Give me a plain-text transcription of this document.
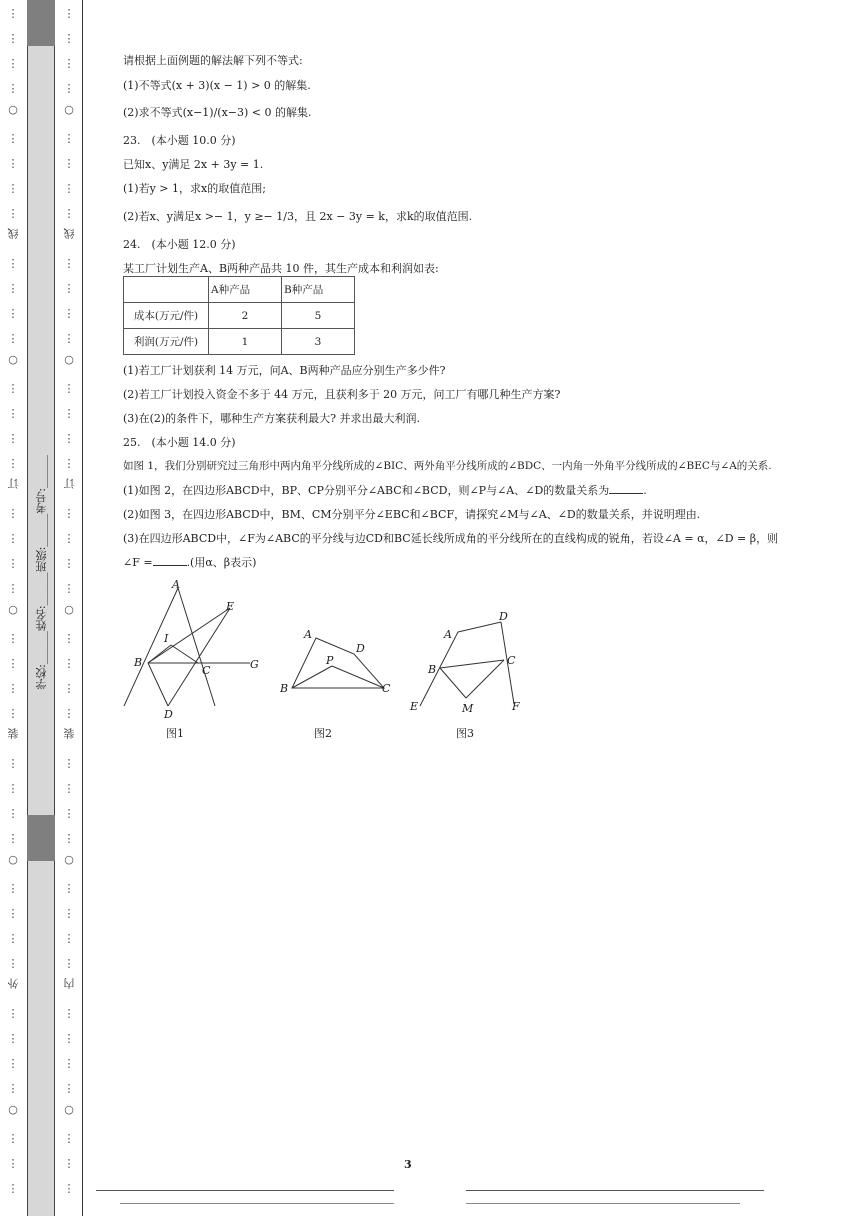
⋮
⋮
⋮
⋮
○
⋮
⋮
⋮
⋮
线
⋮
⋮
⋮
⋮
○
⋮
⋮
⋮
⋮
订
⋮
⋮
⋮
⋮
○
⋮
⋮
⋮
⋮
装
⋮
⋮
⋮
⋮
○
⋮
⋮
⋮
⋮
外
⋮
⋮
⋮
⋮
○
⋮
⋮
⋮
⋮
⋮
⋮
⋮
○
⋮
⋮
⋮
⋮
线
⋮
⋮
⋮
⋮
○
⋮
⋮
⋮
⋮
订
⋮
⋮
⋮
⋮
○
⋮
⋮
⋮
⋮
装
⋮
⋮
⋮
⋮
○
⋮
⋮
⋮
⋮
内
⋮
⋮
⋮
⋮
○
⋮
⋮
⋮
学校:______姓名:______班级:______考号:______
请根据上面例题的解法解下列不等式:
(1)不等式(x + 3)(x − 1) > 0 的解集.
(2)求不等式(x−1)/(x−3) < 0 的解集.
23.　(本小题 10.0 分)
已知x、y满足 2x + 3y = 1.
(1)若y > 1，求x的取值范围;
(2)若x、y满足x >− 1，y ≥− 1/3，且 2x − 3y = k，求k的取值范围.
24.　(本小题 12.0 分)
某工厂计划生产A、B两种产品共 10 件，其生产成本和利润如表:
	A种产品	B种产品
成本(万元/件)	2	5
利润(万元/件)	1	3
(1)若工厂计划获利 14 万元，问A、B两种产品应分别生产多少件?
(2)若工厂计划投入资金不多于 44 万元，且获利多于 20 万元，问工厂有哪几种生产方案?
(3)在(2)的条件下，哪种生产方案获利最大? 并求出最大利润.
25.　(本小题 14.0 分)
如图 1，我们分别研究过三角形中两内角平分线所成的∠BIC、两外角平分线所成的∠BDC、一内角一外角平分线所成的∠BEC与∠A的关系.
(1)如图 2，在四边形ABCD中，BP、CP分别平分∠ABC和∠BCD，则∠P与∠A、∠D的数量关系为	.
(2)如图 3，在四边形ABCD中，BM、CM分别平分∠EBC和∠BCF，请探究∠M与∠A、∠D的数量关系，并说明理由.
(3)在四边形ABCD中，∠F为∠ABC的平分线与边CD和BC延长线所成角的平分线所在的直线构成的锐角，若设∠A = α，∠D = β，则
∠F =	.(用α、β表示)
A
E
I
B
C	G
D
图1
A
D
P
B	C
图2
A
D
B
C
E	M	F
图3
3
